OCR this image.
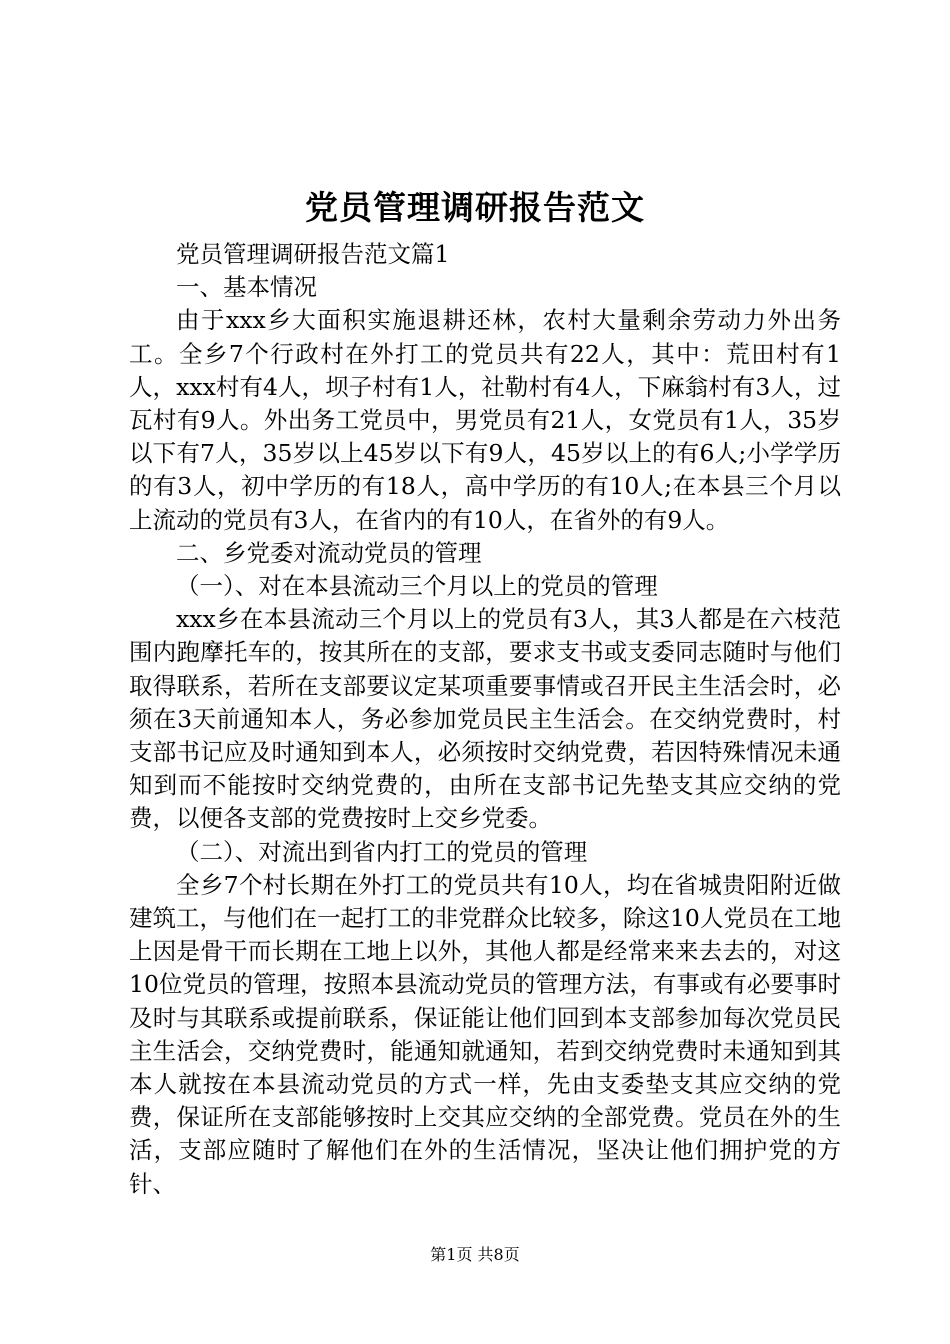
党员管理调研报告范文

党员管理调研报告范文篇1

一、基本情况

由于xxx乡大面积实施退耕还林，农村大量剩余劳动力外出务工。全乡7个行政村在外打工的党员共有22人，其中：荒田村有1人，xxx村有4人，坝子村有1人，社勒村有4人，下麻翁村有3人，过瓦村有9人。外出务工党员中，男党员有21人，女党员有1人，35岁以下有7人，35岁以上45岁以下有9人，45岁以上的有6人;小学学历的有3人，初中学历的有18人，高中学历的有10人;在本县三个月以上流动的党员有3人，在省内的有10人，在省外的有9人。

二、乡党委对流动党员的管理

（一）、对在本县流动三个月以上的党员的管理

xxx乡在本县流动三个月以上的党员有3人，其3人都是在六枝范围内跑摩托车的，按其所在的支部，要求支书或支委同志随时与他们取得联系，若所在支部要议定某项重要事情或召开民主生活会时，必须在3天前通知本人，务必参加党员民主生活会。在交纳党费时，村支部书记应及时通知到本人，必须按时交纳党费，若因特殊情况未通知到而不能按时交纳党费的，由所在支部书记先垫支其应交纳的党费，以便各支部的党费按时上交乡党委。

（二）、对流出到省内打工的党员的管理

全乡7个村长期在外打工的党员共有10人，均在省城贵阳附近做建筑工，与他们在一起打工的非党群众比较多，除这10人党员在工地上因是骨干而长期在工地上以外，其他人都是经常来来去去的，对这10位党员的管理，按照本县流动党员的管理方法，有事或有必要事时及时与其联系或提前联系，保证能让他们回到本支部参加每次党员民主生活会，交纳党费时，能通知就通知，若到交纳党费时未通知到其本人就按在本县流动党员的方式一样，先由支委垫支其应交纳的党费，保证所在支部能够按时上交其应交纳的全部党费。党员在外的生活，支部应随时了解他们在外的生活情况，坚决让他们拥护党的方针、

第1页 共8页
